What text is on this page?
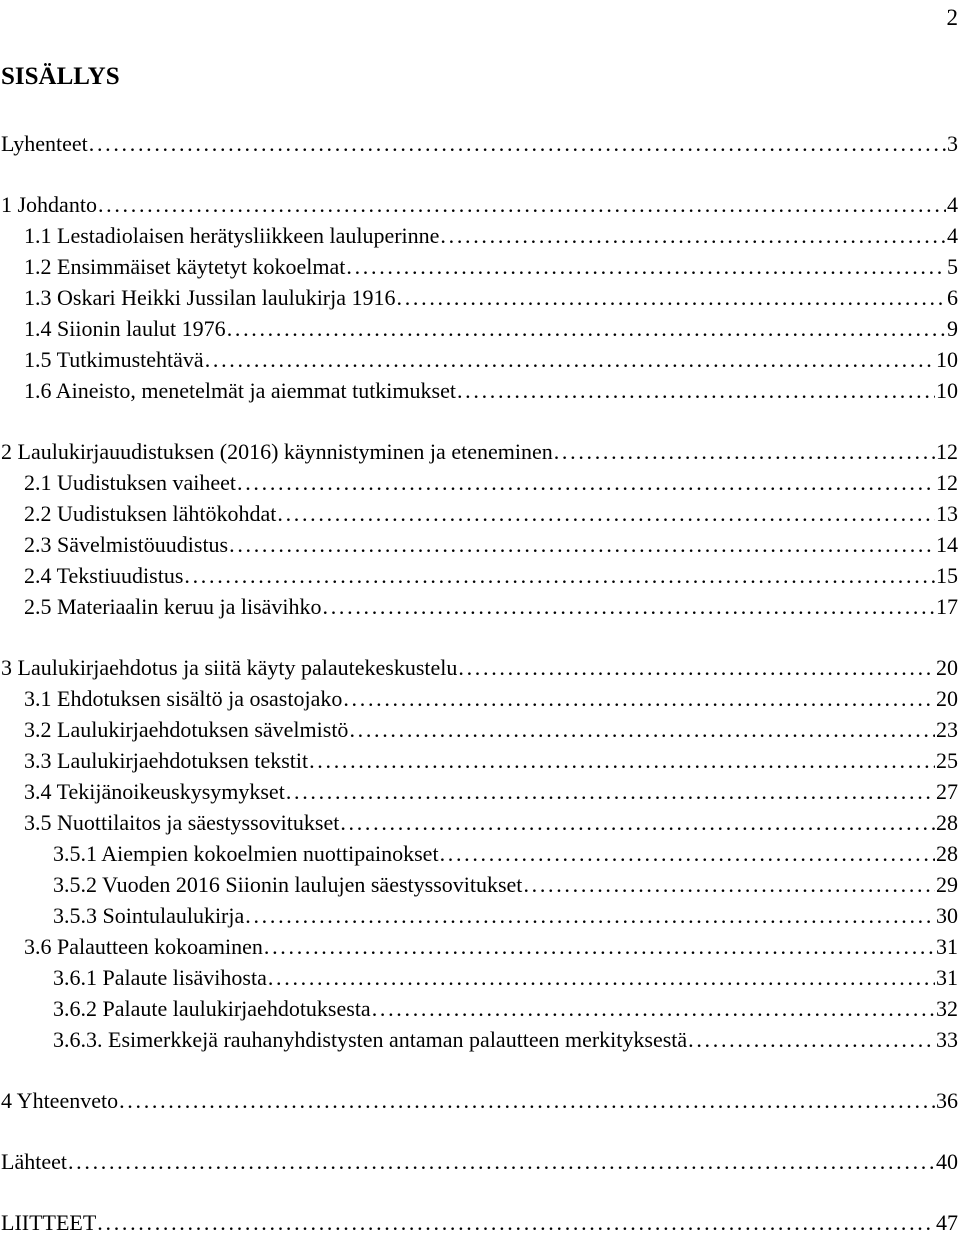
2
SISÄLLYS
Lyhenteet . . .	3
1 Johdanto . . .	4
1.1 Lestadiolaisen herätysliikkeen lauluperinne . . .	4
1.2 Ensimmäiset käytetyt kokoelmat . . .	5
1.3 Oskari Heikki Jussilan laulukirja 1916 . . .	6
1.4 Siionin laulut 1976 . . .	9
1.5 Tutkimustehtävä . . .	10
1.6 Aineisto, menetelmät ja aiemmat tutkimukset . . .	10
2 Laulukirjauudistuksen (2016) käynnistyminen ja eteneminen . . .	12
2.1 Uudistuksen vaiheet . . .	12
2.2 Uudistuksen lähtökohdat . . .	13
2.3 Sävelmistöuudistus . . .	14
2.4 Tekstiuudistus . . .	15
2.5 Materiaalin keruu ja lisävihko . . .	17
3 Laulukirjaehdotus ja siitä käyty palautekeskustelu . . .	20
3.1 Ehdotuksen sisältö ja osastojako . . .	20
3.2 Laulukirjaehdotuksen sävelmistö . . .	23
3.3 Laulukirjaehdotuksen tekstit . . .	25
3.4 Tekijänoikeuskysymykset . . .	27
3.5 Nuottilaitos ja säestyssovitukset . . .	28
3.5.1 Aiempien kokoelmien nuottipainokset . . .	28
3.5.2 Vuoden 2016 Siionin laulujen säestyssovitukset . . .	29
3.5.3 Sointulaulukirja . . .	30
3.6 Palautteen kokoaminen . . .	31
3.6.1 Palaute lisävihosta . . .	31
3.6.2 Palaute laulukirjaehdotuksesta . . .	32
3.6.3. Esimerkkejä rauhanyhdistysten antaman palautteen merkityksestä . . .	33
4 Yhteenveto . . .	36
Lähteet . . .	40
LIITTEET . . .	47
